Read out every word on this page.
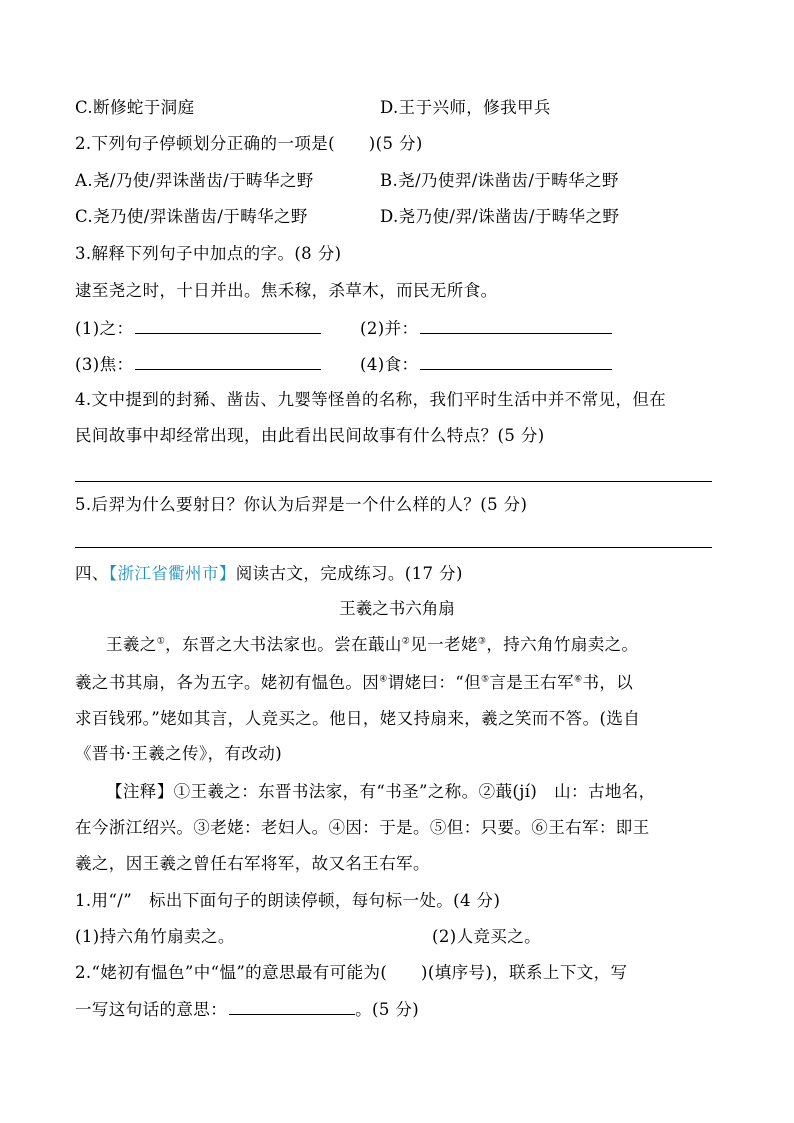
C.断修蛇于洞庭	D.王于兴师，修我甲兵
2.下列句子停顿划分正确的一项是(　　)(5 分)
A.尧/乃使/羿诛凿齿/于畴华之野	B.尧/乃使羿/诛凿齿/于畴华之野
C.尧乃使/羿诛凿齿/于畴华之野	D.尧乃使/羿/诛凿齿/于畴华之野
3.解释下列句子中加点的字。(8 分)
逮至尧之时，十日并出。焦禾稼，杀草木，而民无所食。
(1)之：	(2)并：
(3)焦：	(4)食：
4.文中提到的封豨、凿齿、九婴等怪兽的名称，我们平时生活中并不常见，但在
民间故事中却经常出现，由此看出民间故事有什么特点？(5 分)
5.后羿为什么要射日？你认为后羿是一个什么样的人？(5 分)
四、【浙江省衢州市】阅读古文，完成练习。(17 分)
王羲之书六角扇
王羲之①，东晋之大书法家也。尝在蕺山②见一老姥③，持六角竹扇卖之。
羲之书其扇，各为五字。姥初有愠色。因④谓姥曰：“但⑤言是王右军⑥书，以
求百钱邪。”姥如其言，人竞买之。他日，姥又持扇来，羲之笑而不答。(选自
《晋书·王羲之传》，有改动)
【注释】①王羲之：东晋书法家，有“书圣”之称。②蕺(jí)　山：古地名，
在今浙江绍兴。③老姥：老妇人。④因：于是。⑤但：只要。⑥王右军：即王
羲之，因王羲之曾任右军将军，故又名王右军。
1.用“/”　标出下面句子的朗读停顿，每句标一处。(4 分)
(1)持六角竹扇卖之。	(2)人竞买之。
2.“姥初有愠色”中“愠”的意思最有可能为(　　)(填序号)，联系上下文，写
一写这句话的意思：	。(5 分)
